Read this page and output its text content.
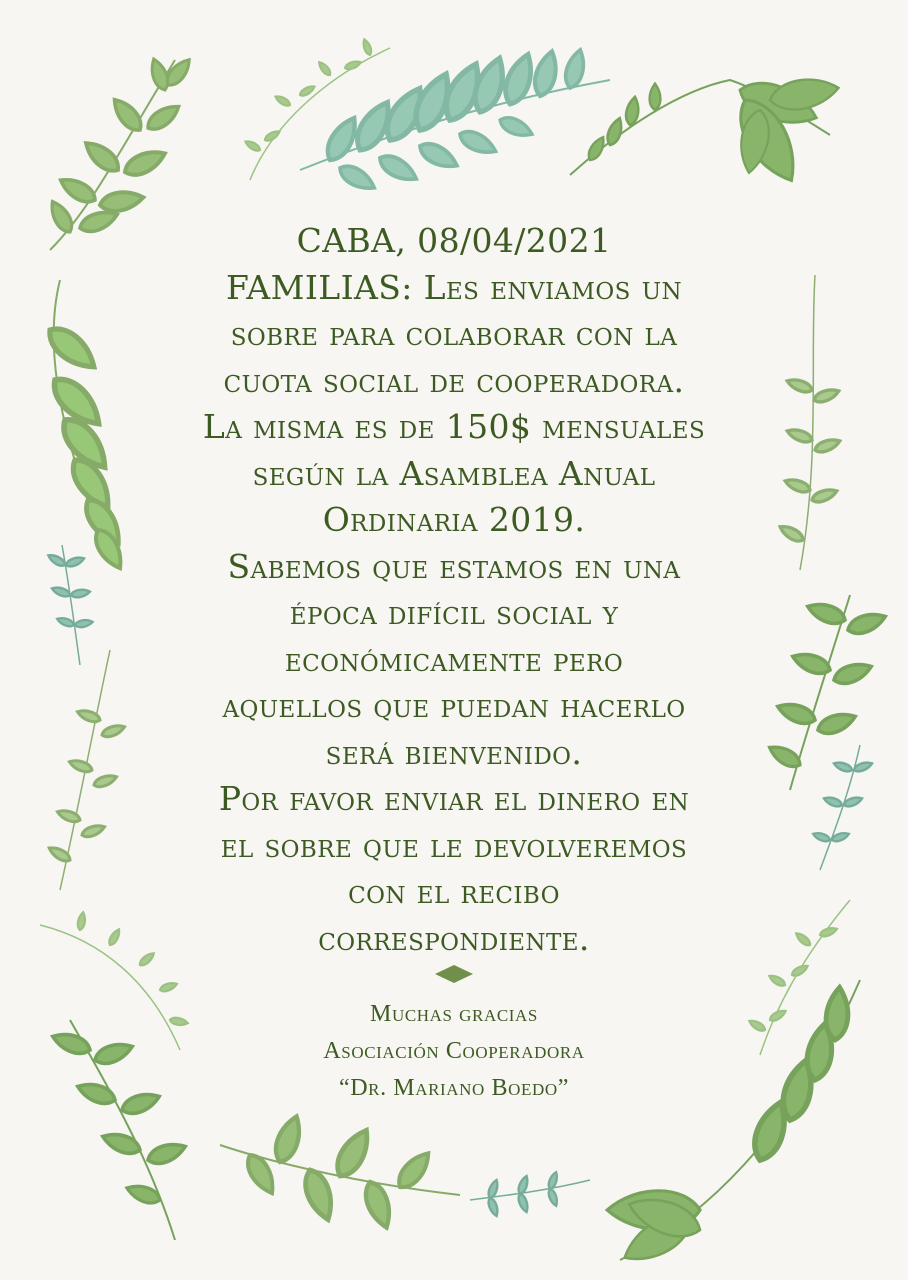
CABA, 08/04/2021
FAMILIAS: Les enviamos un
sobre para colaborar con la
cuota social de cooperadora.
La misma es de 150$ mensuales
según la Asamblea Anual
Ordinaria 2019.
Sabemos que estamos en una
época difícil social y
económicamente pero
aquellos que puedan hacerlo
será bienvenido.
Por favor enviar el dinero en
el sobre que le devolveremos
con el recibo
correspondiente.
Muchas gracias
Asociación Cooperadora
“Dr. Mariano Boedo”
